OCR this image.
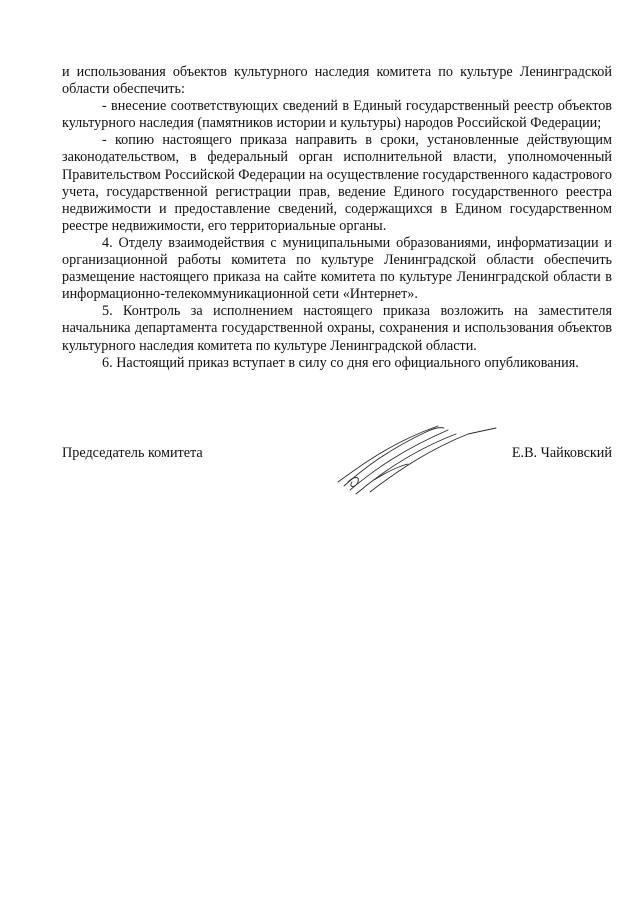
и использования объектов культурного наследия комитета по культуре Ленинградской области обеспечить:

- внесение соответствующих сведений в Единый государственный реестр объектов культурного наследия (памятников истории и культуры) народов Российской Федерации;

- копию настоящего приказа направить в сроки, установленные действующим законодательством, в федеральный орган исполнительной власти, уполномоченный Правительством Российской Федерации на осуществление государственного кадастрового учета, государственной регистрации прав, ведение Единого государственного реестра недвижимости и предоставление сведений, содержащихся в Едином государственном реестре недвижимости, его территориальные органы.

4. Отделу взаимодействия с муниципальными образованиями, информатизации и организационной работы комитета по культуре Ленинградской области обеспечить размещение настоящего приказа на сайте комитета по культуре Ленинградской области в информационно-телекоммуникационной сети «Интернет».

5. Контроль за исполнением настоящего приказа возложить на заместителя начальника департамента государственной охраны, сохранения и использования объектов культурного наследия комитета по культуре Ленинградской области.

6. Настоящий приказ вступает в силу со дня его официального опубликования.

Председатель комитета	Е.В. Чайковский
